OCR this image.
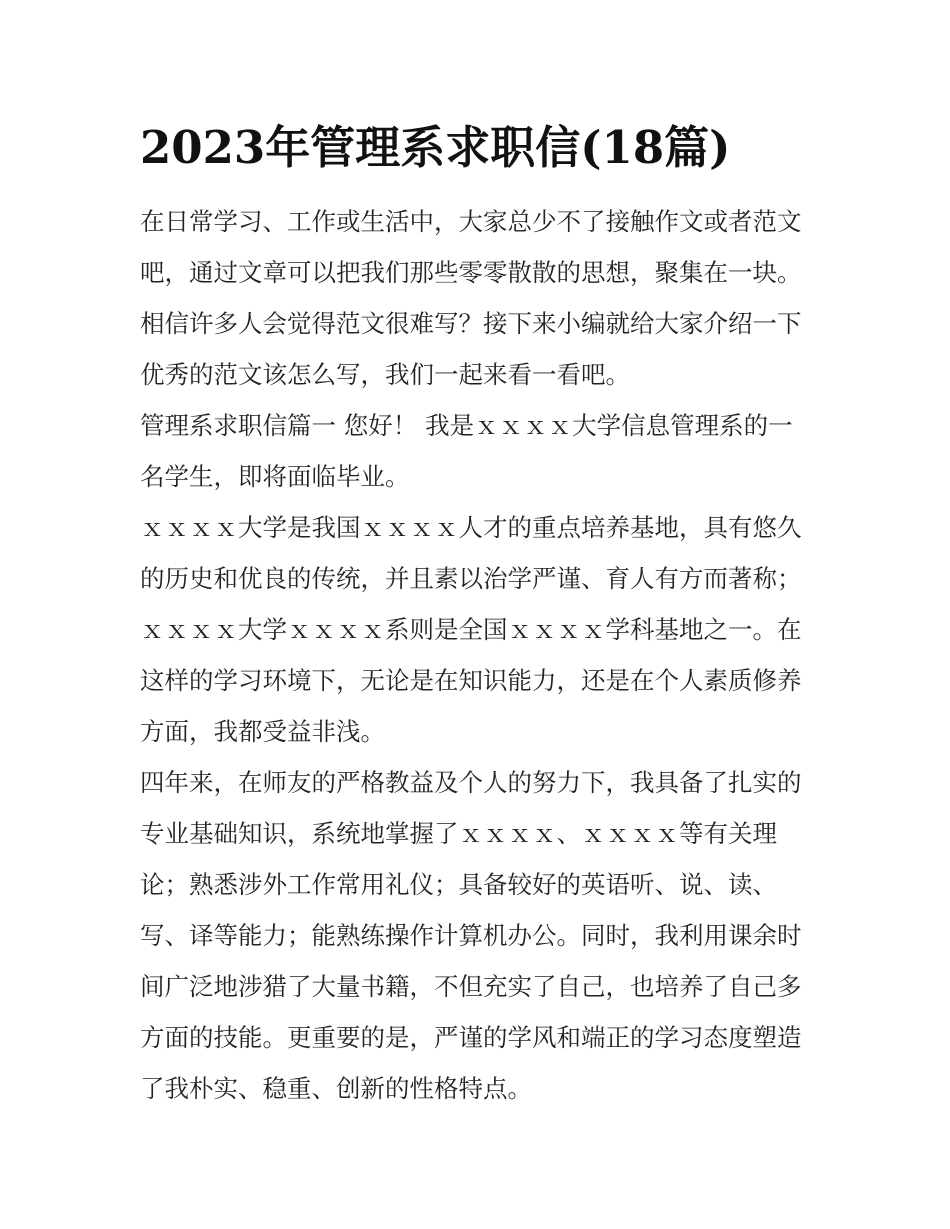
2023年管理系求职信(18篇)

在日常学习、工作或生活中，大家总少不了接触作文或者范文
吧，通过文章可以把我们那些零零散散的思想，聚集在一块。
相信许多人会觉得范文很难写？接下来小编就给大家介绍一下
优秀的范文该怎么写，我们一起来看一看吧。

管理系求职信篇一 您好！ 我是ｘｘｘｘ大学信息管理系的一
名学生，即将面临毕业。

ｘｘｘｘ大学是我国ｘｘｘｘ人才的重点培养基地，具有悠久
的历史和优良的传统，并且素以治学严谨、育人有方而著称；
ｘｘｘｘ大学ｘｘｘｘ系则是全国ｘｘｘｘ学科基地之一。在
这样的学习环境下，无论是在知识能力，还是在个人素质修养
方面，我都受益非浅。

四年来，在师友的严格教益及个人的努力下，我具备了扎实的
专业基础知识，系统地掌握了ｘｘｘｘ、ｘｘｘｘ等有关理
论；熟悉涉外工作常用礼仪；具备较好的英语听、说、读、
写、译等能力；能熟练操作计算机办公。同时，我利用课余时
间广泛地涉猎了大量书籍，不但充实了自己，也培养了自己多
方面的技能。更重要的是，严谨的学风和端正的学习态度塑造
了我朴实、稳重、创新的性格特点。
